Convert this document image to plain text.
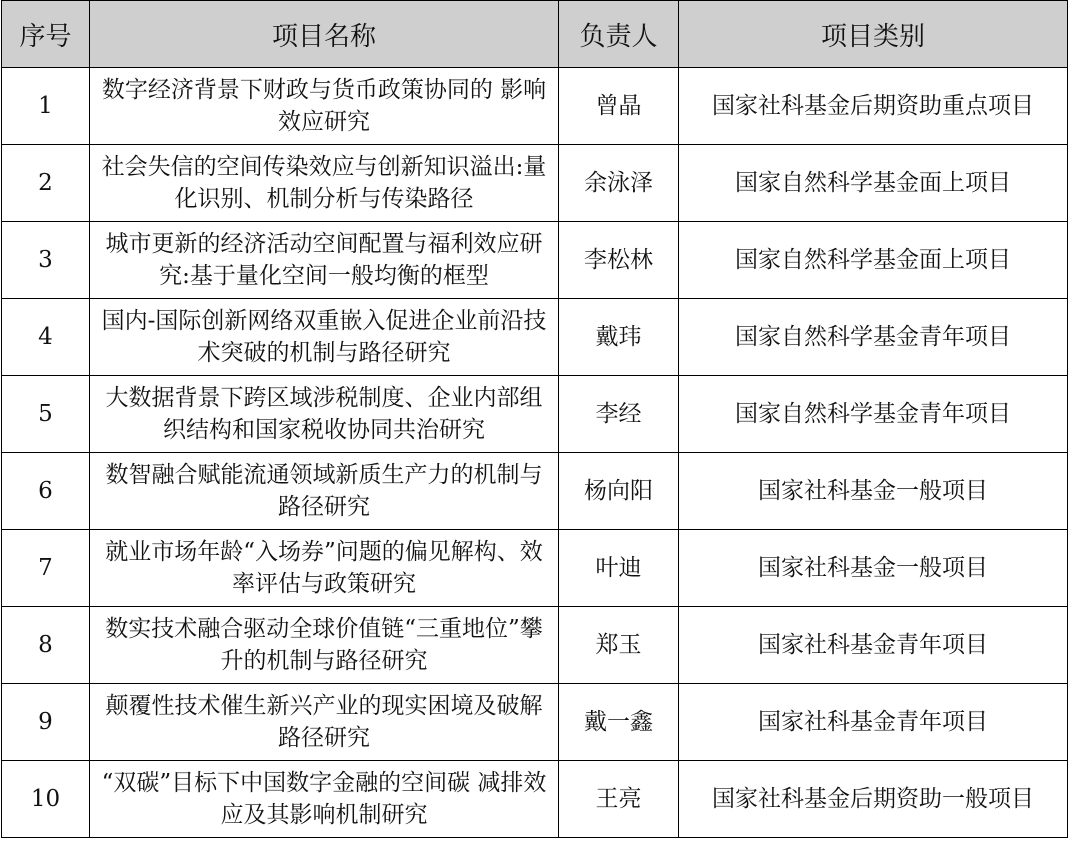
序号	项目名称	负责人	项目类别
1	数字经济背景下财政与货币政策协同的 影响效应研究	曾晶	国家社科基金后期资助重点项目
2	社会失信的空间传染效应与创新知识溢出:量化识别、机制分析与传染路径	余泳泽	国家自然科学基金面上项目
3	城市更新的经济活动空间配置与福利效应研究:基于量化空间一般均衡的框型	李松林	国家自然科学基金面上项目
4	国内-国际创新网络双重嵌入促进企业前沿技术突破的机制与路径研究	戴玮	国家自然科学基金青年项目
5	大数据背景下跨区域涉税制度、企业内部组织结构和国家税收协同共治研究	李经	国家自然科学基金青年项目
6	数智融合赋能流通领域新质生产力的机制与路径研究	杨向阳	国家社科基金一般项目
7	就业市场年龄“入场券”问题的偏见解构、效率评估与政策研究	叶迪	国家社科基金一般项目
8	数实技术融合驱动全球价值链“三重地位”攀升的机制与路径研究	郑玉	国家社科基金青年项目
9	颠覆性技术催生新兴产业的现实困境及破解路径研究	戴一鑫	国家社科基金青年项目
10	“双碳”目标下中国数字金融的空间碳 减排效应及其影响机制研究	王亮	国家社科基金后期资助一般项目
